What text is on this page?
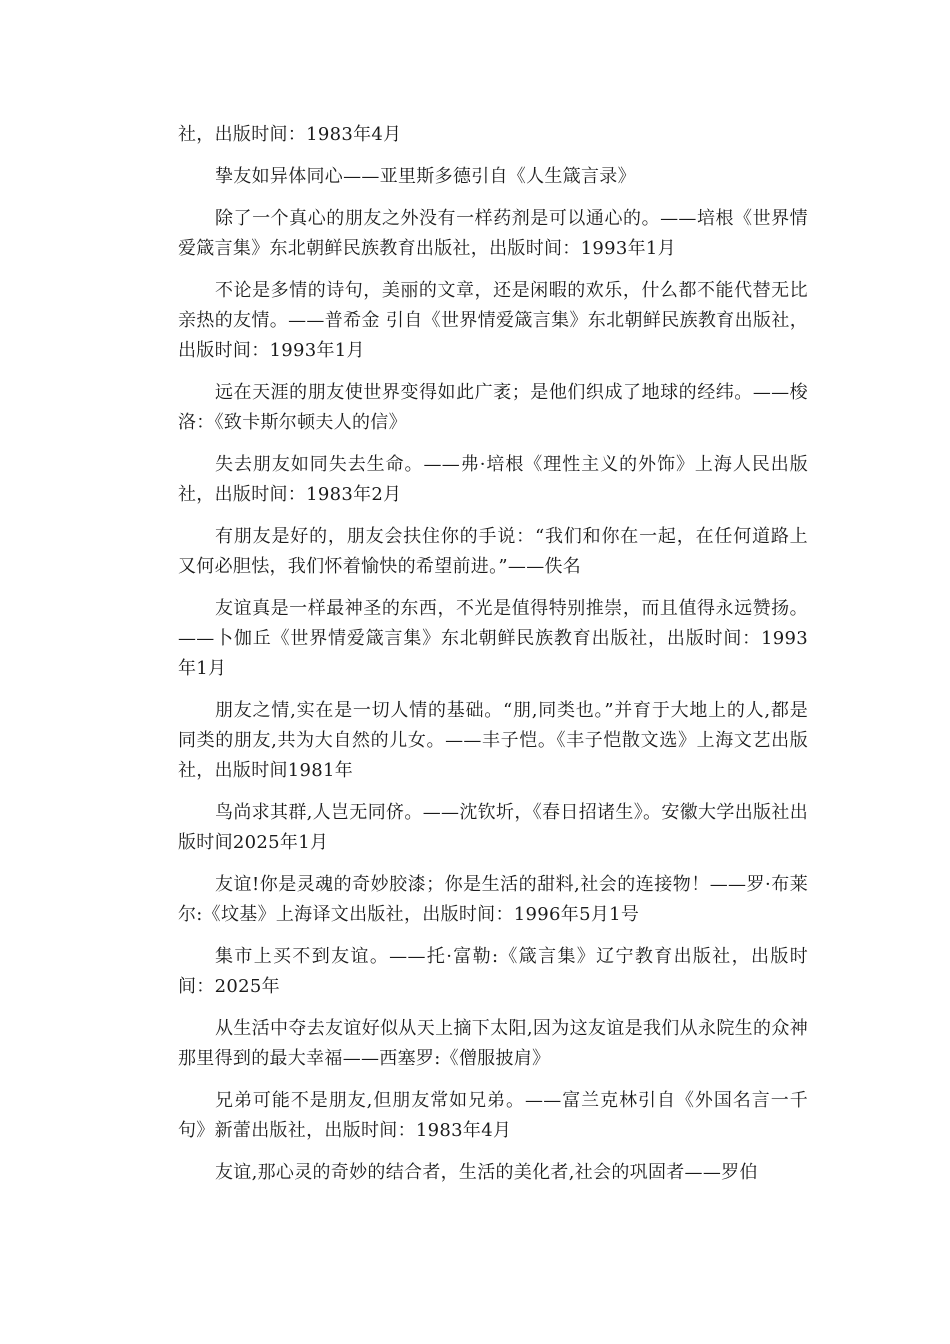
社，出版时间：1983年4月

挚友如异体同心——亚里斯多德引自《人生箴言录》

除了一个真心的朋友之外没有一样药剂是可以通心的。——培根《世界情爱箴言集》东北朝鲜民族教育出版社，出版时间：1993年1月

不论是多情的诗句，美丽的文章，还是闲暇的欢乐，什么都不能代替无比亲热的友情。——普希金 引自《世界情爱箴言集》东北朝鲜民族教育出版社，出版时间：1993年1月

远在天涯的朋友使世界变得如此广袤；是他们织成了地球的经纬。——梭洛：《致卡斯尔顿夫人的信》

失去朋友如同失去生命。——弗·培根《理性主义的外饰》上海人民出版社，出版时间：1983年2月

有朋友是好的，朋友会扶住你的手说：“我们和你在一起，在任何道路上又何必胆怯，我们怀着愉快的希望前进。”——佚名

友谊真是一样最神圣的东西，不光是值得特别推崇，而且值得永远赞扬。——卜伽丘《世界情爱箴言集》东北朝鲜民族教育出版社，出版时间：1993年1月

朋友之情,实在是一切人情的基础。“朋,同类也。”并育于大地上的人,都是同类的朋友,共为大自然的儿女。——丰子恺。《丰子恺散文选》上海文艺出版社，出版时间1981年

鸟尚求其群,人岂无同侪。——沈钦圻，《春日招诸生》。安徽大学出版社出版时间2025年1月

友谊!你是灵魂的奇妙胶漆；你是生活的甜料,社会的连接物！——罗·布莱尔:《坟基》上海译文出版社，出版时间：1996年5月1号

集市上买不到友谊。——托·富勒:《箴言集》辽宁教育出版社，出版时间：2025年

从生活中夺去友谊好似从天上摘下太阳,因为这友谊是我们从永院生的众神那里得到的最大幸福——西塞罗:《僧服披肩》

兄弟可能不是朋友,但朋友常如兄弟。——富兰克林引自《外国名言一千句》新蕾出版社，出版时间：1983年4月

友谊,那心灵的奇妙的结合者，生活的美化者,社会的巩固者——罗伯
